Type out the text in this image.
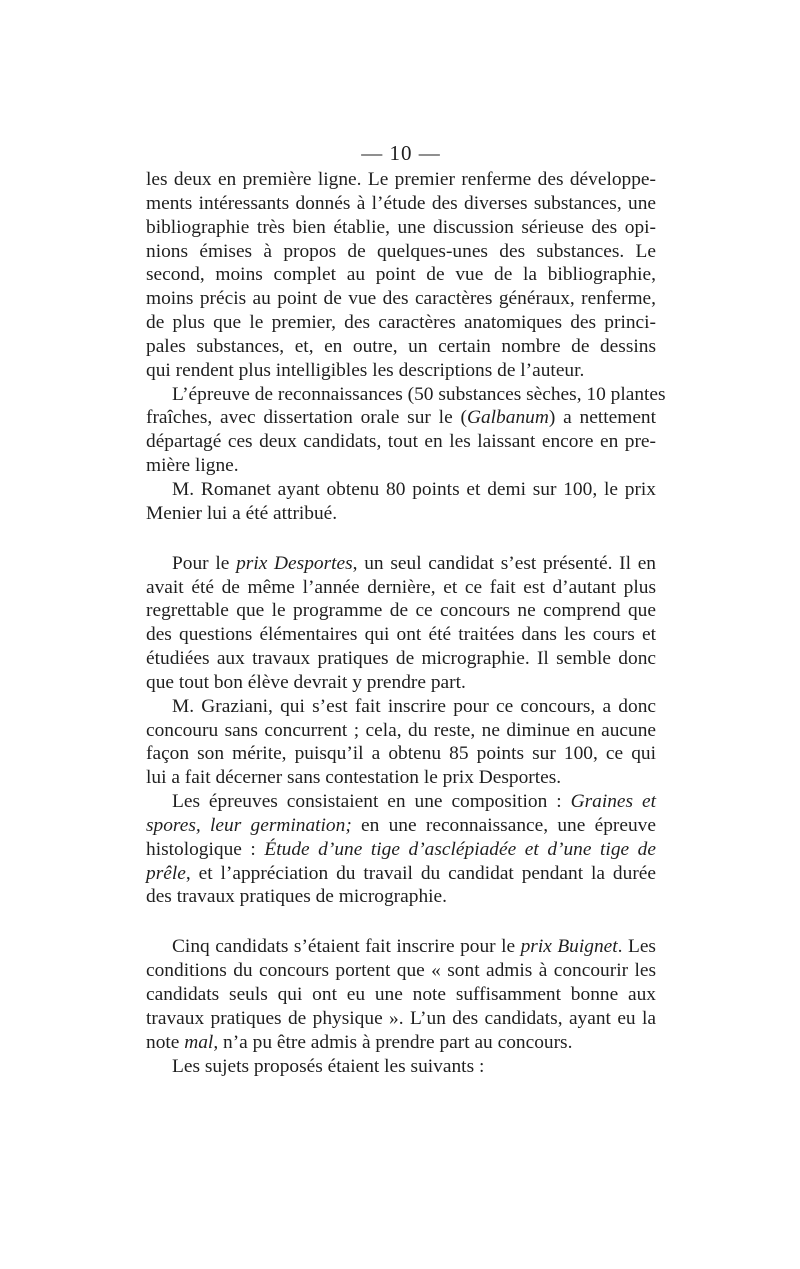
— 10 —
les deux en première ligne. Le premier renferme des développe-
ments intéressants donnés à l’étude des diverses substances, une
bibliographie très bien établie, une discussion sérieuse des opi-
nions émises à propos de quelques-unes des substances. Le
second, moins complet au point de vue de la bibliographie,
moins précis au point de vue des caractères généraux, renferme,
de plus que le premier, des caractères anatomiques des princi-
pales substances, et, en outre, un certain nombre de dessins
qui rendent plus intelligibles les descriptions de l’auteur.
L’épreuve de reconnaissances (50 substances sèches, 10 plantes
fraîches, avec dissertation orale sur le (Galbanum) a nettement
départagé ces deux candidats, tout en les laissant encore en pre-
mière ligne.
M. Romanet ayant obtenu 80 points et demi sur 100, le prix
Menier lui a été attribué.
Pour le prix Desportes, un seul candidat s’est présenté. Il en
avait été de même l’année dernière, et ce fait est d’autant plus
regrettable que le programme de ce concours ne comprend que
des questions élémentaires qui ont été traitées dans les cours et
étudiées aux travaux pratiques de micrographie. Il semble donc
que tout bon élève devrait y prendre part.
M. Graziani, qui s’est fait inscrire pour ce concours, a donc
concouru sans concurrent ; cela, du reste, ne diminue en aucune
façon son mérite, puisqu’il a obtenu 85 points sur 100, ce qui
lui a fait décerner sans contestation le prix Desportes.
Les épreuves consistaient en une composition : Graines et
spores, leur germination; en une reconnaissance, une épreuve
histologique : Étude d’une tige d’asclépiadée et d’une tige de
prêle, et l’appréciation du travail du candidat pendant la durée
des travaux pratiques de micrographie.
Cinq candidats s’étaient fait inscrire pour le prix Buignet. Les
conditions du concours portent que « sont admis à concourir les
candidats seuls qui ont eu une note suffisamment bonne aux
travaux pratiques de physique ». L’un des candidats, ayant eu la
note mal, n’a pu être admis à prendre part au concours.
Les sujets proposés étaient les suivants :
